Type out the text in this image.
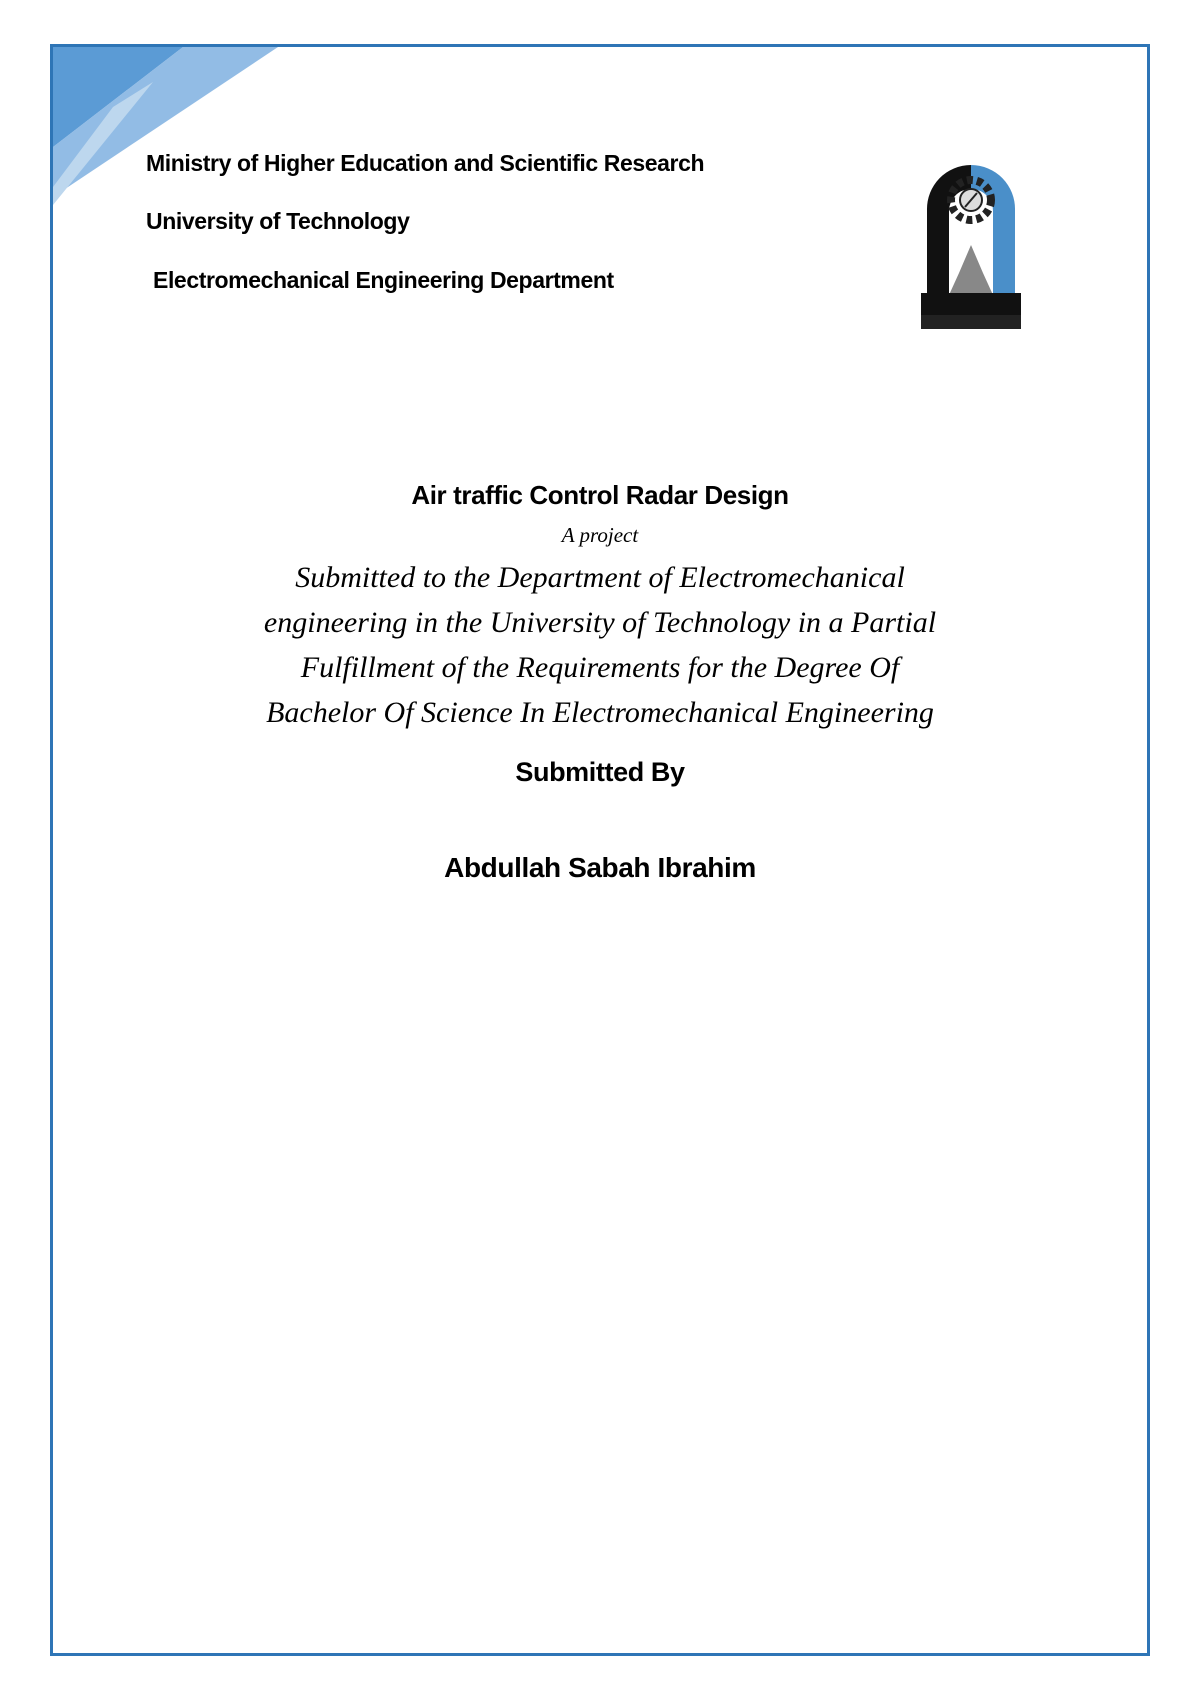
Ministry of Higher Education and Scientific Research
University of Technology
Electromechanical Engineering Department
Air traffic Control Radar Design
A project
Submitted to the Department of Electromechanical
engineering in the University of Technology in a Partial
Fulfillment of the Requirements for the Degree Of
Bachelor Of Science In Electromechanical Engineering
Submitted By
Abdullah Sabah Ibrahim
